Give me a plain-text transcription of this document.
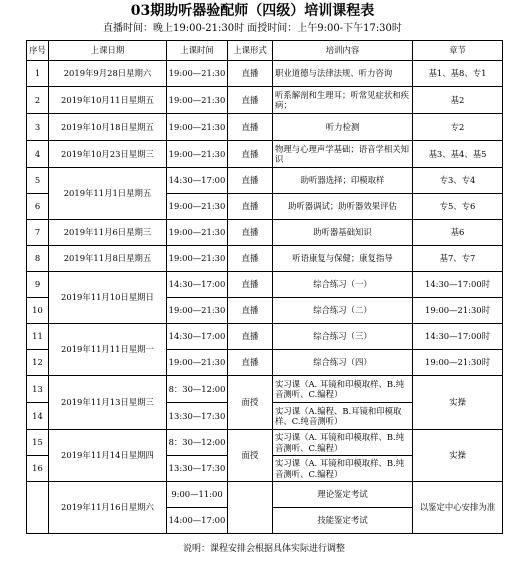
03期助听器验配师（四级）培训课程表
直播时间：晚上19:00-21:30时 面授时间：上午9:00-下午17:30时
序号	上课日期	上课时间	上课形式	培训内容	章节
1	2019年9月28日星期六	19:00—21:30	直播	职业道德与法律法规、听力咨询	基1、基8、专1
2	2019年10月11日星期五	19:00—21:30	直播	听系解剖和生理耳；听常见症状和疾病；	基2
3	2019年10月18日星期五	19:00—21:30	直播	听力检测	专2
4	2019年10月23日星期三	19:00—21:30	直播	物理与心理声学基础；语音学相关知识	基3、基4、基5
5	2019年11月1日星期五	14:30—17:00	直播	助听器选择；印模取样	专3、专4
6		19:00—21:30	直播	助听器调试；助听器效果评估	专5、专6
7	2019年11月6日星期三	19:00—21:30	直播	助听器基础知识	基6
8	2019年11月8日星期五	19:00—21:30	直播	听语康复与保健；康复指导	基7、专7
9	2019年11月10日星期日	14:30—17:00	直播	综合练习（一）	14:30—17:00时
10		19:00—21:30	直播	综合练习（二）	19:00—21:30时
11	2019年11月11日星期一	14:30—17:00	直播	综合练习（三）	14:30—17:00时
12		19:00—21:30	直播	综合练习（四）	19:00—21:30时
13	2019年11月13日星期三	8：30—12:00	面授	实习课（A. 耳镜和印模取样、B.纯音测听、C.编程）	实操
14		13:30—17:30		实习课（A.编程、B.耳镜和印模取样、C.纯音测听）	
15	2019年11月14日星期四	8：30—12:00	面授	实习课（A. 耳镜和印模取样、B.纯音测听、C.编程）	实操
16		13:30—17:30		实习课（A. 耳镜和印模取样、B.纯音测听、C.编程）	
	2019年11月16日星期六	9:00—11:00		理论鉴定考试	以鉴定中心安排为准
		14:00—17:00		技能鉴定考试	
说明：课程安排会根据具体实际进行调整
